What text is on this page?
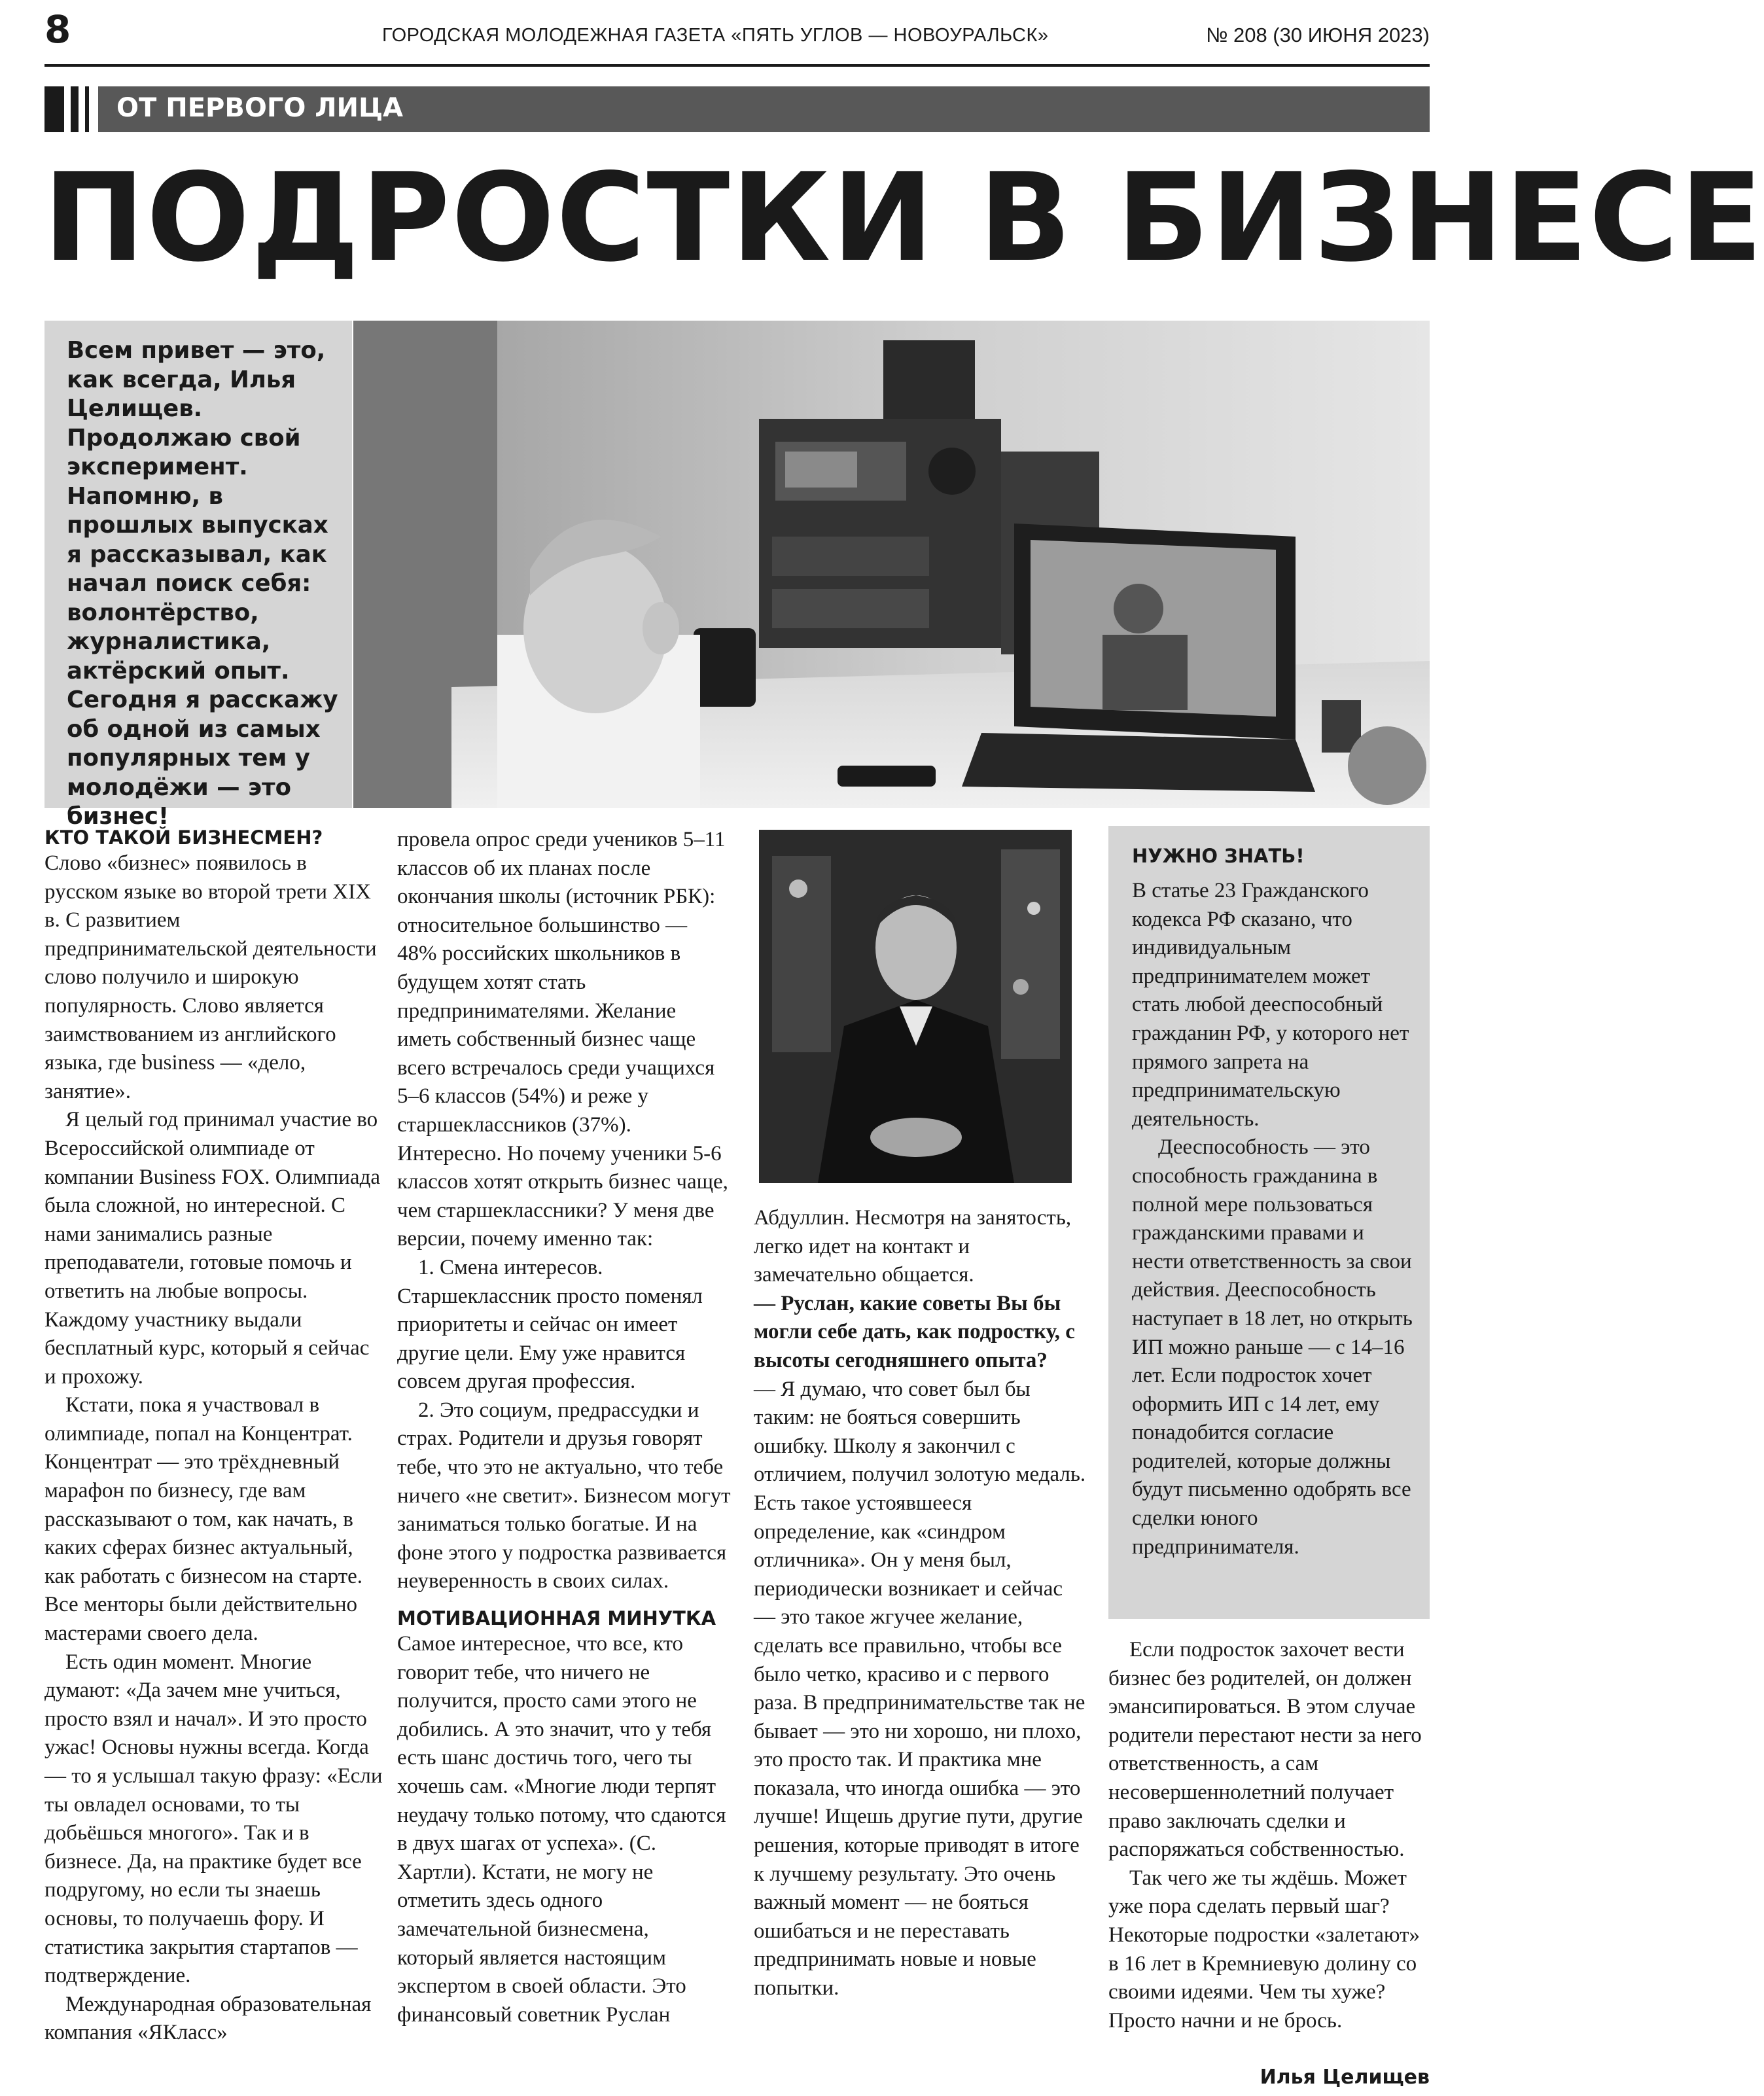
8	ГОРОДСКАЯ МОЛОДЕЖНАЯ ГАЗЕТА «ПЯТЬ УГЛОВ — НОВОУРАЛЬСК»	№ 208 (30 ИЮНЯ 2023)
ОТ ПЕРВОГО ЛИЦА
ПОДРОСТКИ В БИЗНЕСЕ
Всем привет — это, как всегда, Илья Целищев. Продолжаю свой эксперимент. Напомню, в прошлых выпусках я рассказывал, как начал поиск себя: волонтёрство, журналистика, актёрский опыт. Сегодня я расскажу об одной из самых популярных тем у молодёжи — это бизнес!

КТО ТАКОЙ БИЗНЕСМЕН?

Слово «бизнес» появилось в русском языке во второй трети XIX в. С развитием предпринимательской деятельности слово получило и широкую популярность. Слово является заимствованием из английского языка, где business — «дело, занятие».

Я целый год принимал участие во Всероссийской олимпиаде от компании Business FOX. Олимпиада была сложной, но интересной. С нами занимались разные преподаватели, готовые помочь и ответить на любые вопросы. Каждому участнику выдали бесплатный курс, который я сейчас и прохожу.

Кстати, пока я участвовал в олимпиаде, попал на Концентрат. Концентрат — это трёхдневный марафон по бизнесу, где вам рассказывают о том, как начать, в каких сферах бизнес актуальный, как работать с бизнесом на старте. Все менторы были действительно мастерами своего дела.

Есть один момент. Многие думают: «Да зачем мне учиться, просто взял и начал». И это просто ужас! Основы нужны всегда. Когда— то я услышал такую фразу: «Если ты овладел основами, то ты добьёшься многого». Так и в бизнесе. Да, на практике будет все подругому, но если ты знаешь основы, то получаешь фору. И статистика закрытия стартапов — подтверждение.

Международная образовательная компания «ЯКласс»

провела опрос среди учеников 5–11 классов об их планах после окончания школы (источник РБК): относительное большинство — 48% российских школьников в будущем хотят стать предпринимателями. Желание иметь собственный бизнес чаще всего встречалось среди учащихся 5–6 классов (54%) и реже у старшеклассников (37%). Интересно. Но почему ученики 5-6 классов хотят открыть бизнес чаще, чем старшеклассники? У меня две версии, почему именно так:

1. Смена интересов. Старшеклассник просто поменял приоритеты и сейчас он имеет другие цели. Ему уже нравится совсем другая профессия.

2. Это социум, предрассудки и страх. Родители и друзья говорят тебе, что это не актуально, что тебе ничего «не светит». Бизнесом могут заниматься только богатые. И на фоне этого у подростка развивается неуверенность в своих силах.

МОТИВАЦИОННАЯ МИНУТКА

Самое интересное, что все, кто говорит тебе, что ничего не получится, просто сами этого не добились. А это значит, что у тебя есть шанс достичь того, чего ты хочешь сам. «Многие люди терпят неудачу только потому, что сдаются в двух шагах от успеха». (С. Хартли). Кстати, не могу не отметить здесь одного замечательной бизнесмена, который является настоящим экспертом в своей области. Это финансовый советник Руслан

Абдуллин. Несмотря на занятость, легко идет на контакт и замечательно общается.

— Руслан, какие советы Вы бы могли себе дать, как подростку, с высоты сегодняшнего опыта?

— Я думаю, что совет был бы таким: не бояться совершить ошибку. Школу я закончил с отличием, получил золотую медаль. Есть такое устоявшееся определение, как «синдром отличника». Он у меня был, периодически возникает и сейчас — это такое жгучее желание, сделать все правильно, чтобы все было четко, красиво и с первого раза. В предпринимательстве так не бывает — это ни хорошо, ни плохо, это просто так. И практика мне показала, что иногда ошибка — это лучше! Ищешь другие пути, другие решения, которые приводят в итоге к лучшему результату. Это очень важный момент — не бояться ошибаться и не переставать предпринимать новые и новые попытки.

НУЖНО ЗНАТЬ!

В статье 23 Гражданского кодекса РФ сказано, что индивидуальным предпринимателем может стать любой дееспособный гражданин РФ, у которого нет прямого запрета на предпринимательскую деятельность.

Дееспособность — это способность гражданина в полной мере пользоваться гражданскими правами и нести ответственность за свои действия. Дееспособность наступает в 18 лет, но открыть ИП можно раньше — с 14–16 лет. Если подросток хочет оформить ИП с 14 лет, ему понадобится согласие родителей, которые должны будут письменно одобрять все сделки юного предпринимателя.

Если подросток захочет вести бизнес без родителей, он должен эмансипироваться. В этом случае родители перестают нести за него ответственность, а сам несовершеннолетний получает право заключать сделки и распоряжаться собственностью.

Так чего же ты ждёшь. Может уже пора сделать первый шаг? Некоторые подростки «залетают» в 16 лет в Кремниевую долину со своими идеями. Чем ты хуже? Просто начни и не брось.

Илья Целищев
